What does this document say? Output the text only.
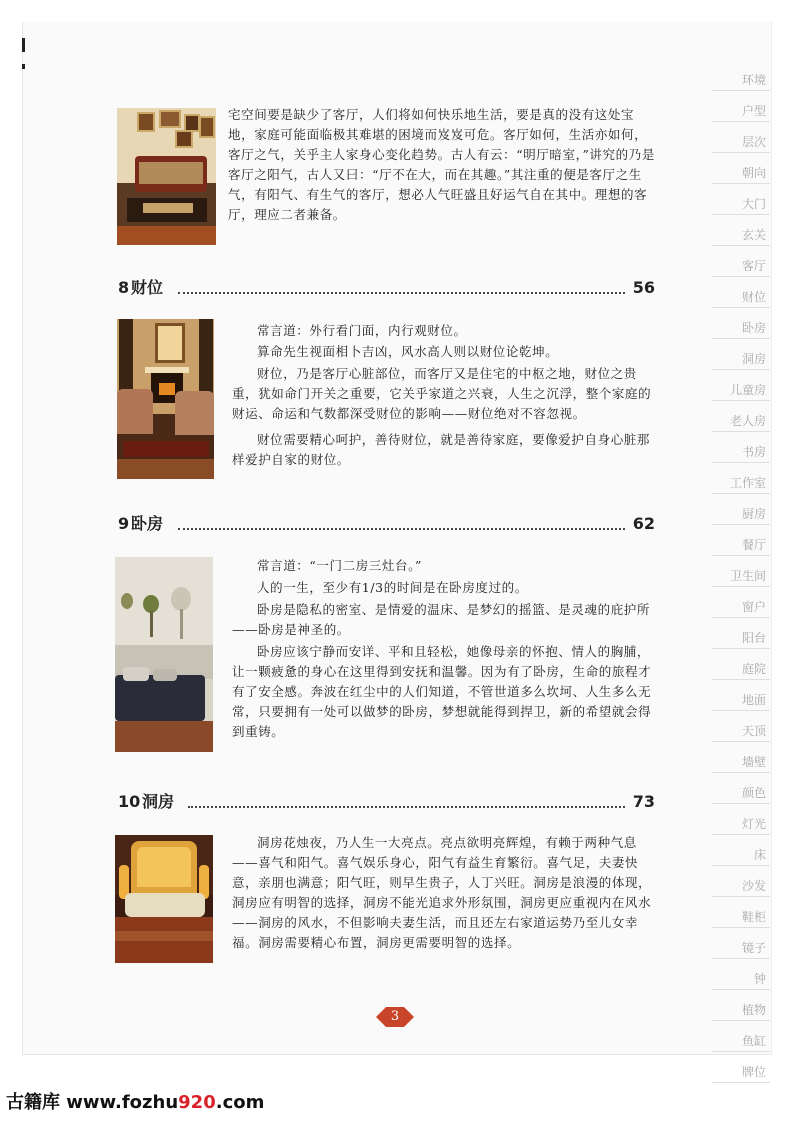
宅空间要是缺少了客厅，人们将如何快乐地生活，要是真的没有这处宝地，家庭可能面临极其难堪的困境而岌岌可危。客厅如何，生活亦如何，客厅之气，关乎主人家身心变化趋势。古人有云：“明厅暗室，”讲究的乃是客厅之阳气，古人又曰：“厅不在大，而在其趣。”其注重的便是客厅之生气，有阳气、有生气的客厅，想必人气旺盛且好运气自在其中。理想的客厅，理应二者兼备。

8 财位	56

常言道：外行看门面，内行观财位。

算命先生视面相卜吉凶，风水高人则以财位论乾坤。

财位，乃是客厅心脏部位，而客厅又是住宅的中枢之地，财位之贵重，犹如命门开关之重要，它关乎家道之兴衰，人生之沉浮，整个家庭的财运、命运和气数都深受财位的影响——财位绝对不容忽视。

财位需要精心呵护，善待财位，就是善待家庭，要像爱护自身心脏那样爱护自家的财位。

9 卧房	62

常言道：“一门二房三灶台。”

人的一生，至少有1/3的时间是在卧房度过的。

卧房是隐私的密室、是情爱的温床、是梦幻的摇篮、是灵魂的庇护所——卧房是神圣的。

卧房应该宁静而安详、平和且轻松，她像母亲的怀抱、情人的胸脯，让一颗疲惫的身心在这里得到安抚和温馨。因为有了卧房，生命的旅程才有了安全感。奔波在红尘中的人们知道，不管世道多么坎坷、人生多么无常，只要拥有一处可以做梦的卧房，梦想就能得到捍卫，新的希望就会得到重铸。

10 洞房	73

洞房花烛夜，乃人生一大亮点。亮点欲明亮辉煌，有赖于两种气息——喜气和阳气。喜气娱乐身心，阳气有益生育繁衍。喜气足，夫妻快意，亲朋也满意；阳气旺，则早生贵子，人丁兴旺。洞房是浪漫的体现，洞房应有明智的选择，洞房不能光追求外形氛围，洞房更应重视内在风水——洞房的风水，不但影响夫妻生活，而且还左右家道运势乃至儿女幸福。洞房需要精心布置，洞房更需要明智的选择。

环境
户型
层次
朝向
大门
玄关
客厅
财位
卧房
洞房
儿童房
老人房
书房
工作室
厨房
餐厅
卫生间
窗户
阳台
庭院
地面
天顶
墙壁
颜色
灯光
床
沙发
鞋柜
镜子
钟
植物
鱼缸
牌位
3
古籍库 www.fozhu920.com
